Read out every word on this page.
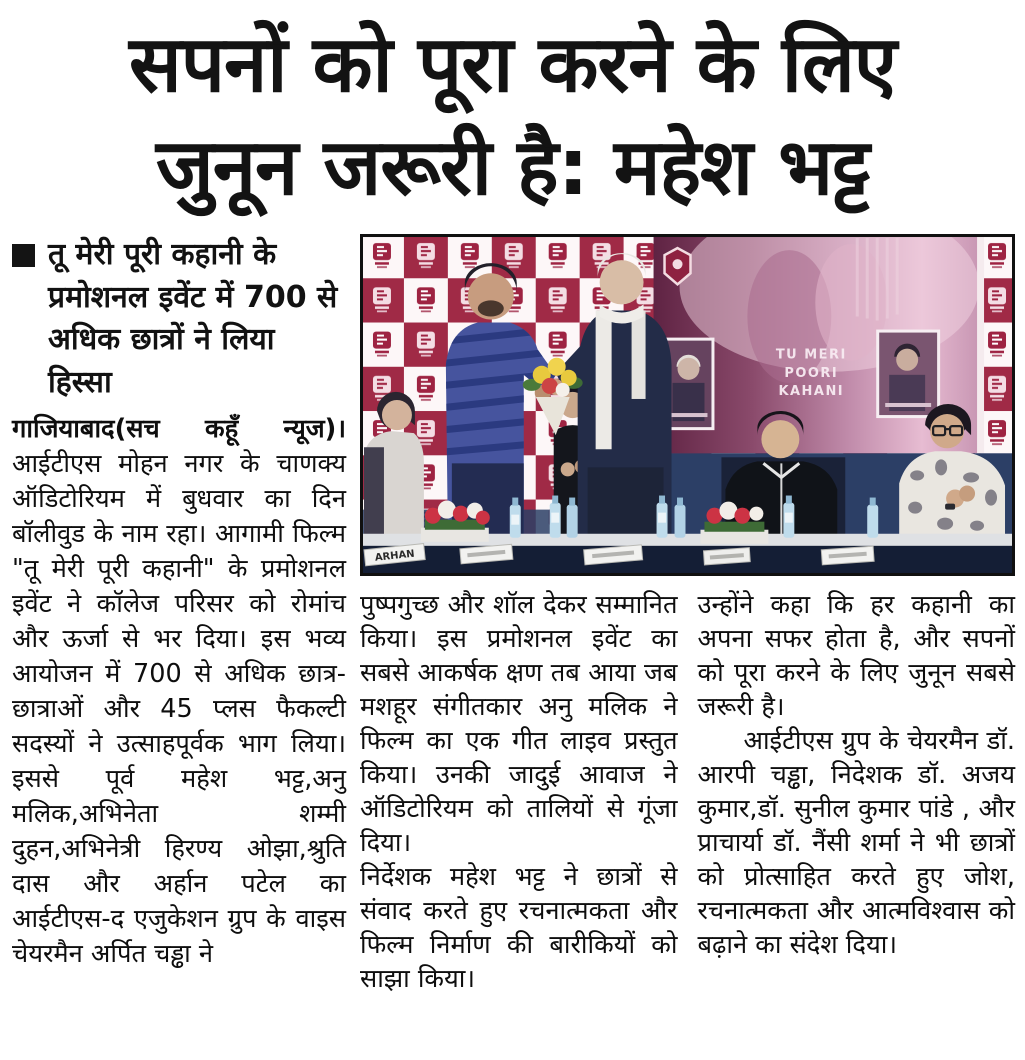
सपनों को पूरा करने के लिए
जुनून जरूरी है: महेश भट्ट
तू मेरी पूरी कहानी के प्रमोशनल इवेंट में 700 से अधिक छात्रों ने लिया हिस्सा

गाजियाबाद(सच कहूँ न्यूज)। आईटीएस मोहन नगर के चाणक्य ऑडिटोरियम में बुधवार का दिन बॉलीवुड के नाम रहा। आगामी फिल्म "तू मेरी पूरी कहानी" के प्रमोशनल इवेंट ने कॉलेज परिसर को रोमांच और ऊर्जा से भर दिया। इस भव्य आयोजन में 700 से अधिक छात्र-छात्राओं और 45 प्लस फैकल्टी सदस्यों ने उत्साहपूर्वक भाग लिया। इससे पूर्व महेश भट्ट,अनु मलिक,अभिनेता शम्मी दुहन,अभिनेत्री हिरण्य ओझा,श्रुति दास और अर्हान पटेल का आईटीएस-द एजुकेशन ग्रुप के वाइस चेयरमैन अर्पित चड्ढा ने

TU MERI
POORI
KAHANI
ARHAN

पुष्पगुच्छ और शॉल देकर सम्मानित किया। इस प्रमोशनल इवेंट का सबसे आकर्षक क्षण तब आया जब मशहूर संगीतकार अनु मलिक ने फिल्म का एक गीत लाइव प्रस्तुत किया। उनकी जादुई आवाज ने ऑडिटोरियम को तालियों से गूंजा दिया।

निर्देशक महेश भट्ट ने छात्रों से संवाद करते हुए रचनात्मकता और फिल्म निर्माण की बारीकियों को साझा किया।

उन्होंने कहा कि हर कहानी का अपना सफर होता है, और सपनों को पूरा करने के लिए जुनून सबसे जरूरी है।

आईटीएस ग्रुप के चेयरमैन डॉ. आरपी चड्ढा, निदेशक डॉ. अजय कुमार,डॉ. सुनील कुमार पांडे , और प्राचार्या डॉ. नैंसी शर्मा ने भी छात्रों को प्रोत्साहित करते हुए जोश, रचनात्मकता और आत्मविश्वास को बढ़ाने का संदेश दिया।
